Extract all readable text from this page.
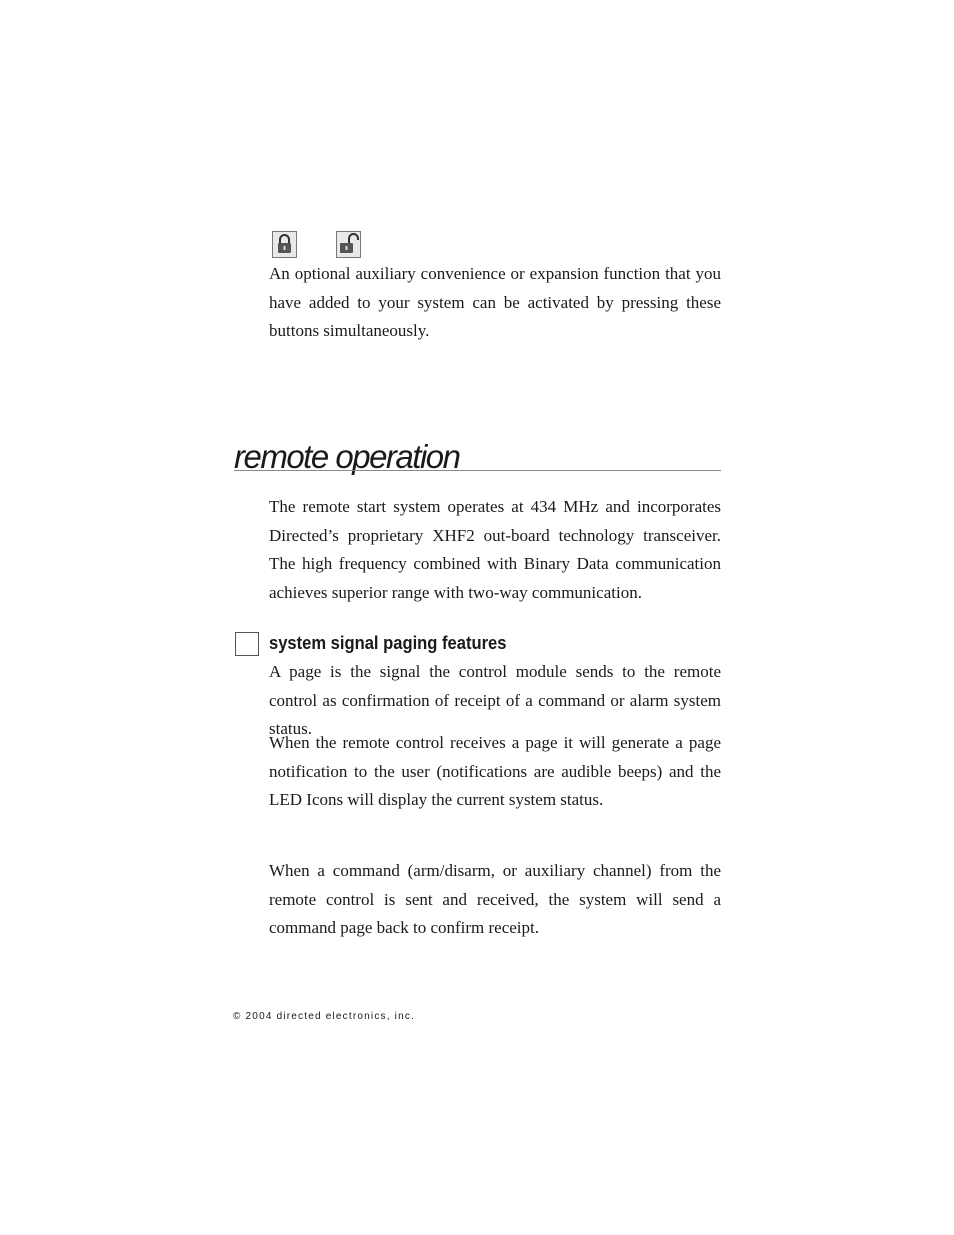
An optional auxiliary convenience or expansion function that you have added to your system can be activated by pressing these buttons simultaneously.

remote operation

The remote start system operates at 434 MHz and incorporates Directed’s proprietary XHF2 out-board technology transceiver. The high frequency combined with Binary Data communication achieves superior range with two-way communication.

system signal paging features

A page is the signal the control module sends to the remote control as confirmation of receipt of a command or alarm system status.

When the remote control receives a page it will generate a page notification to the user (notifications are audible beeps) and the LED Icons will display the current system status.

When a command (arm/disarm, or auxiliary channel) from the remote control is sent and received, the system will send a command page back to confirm receipt.

© 2004 directed electronics, inc.
